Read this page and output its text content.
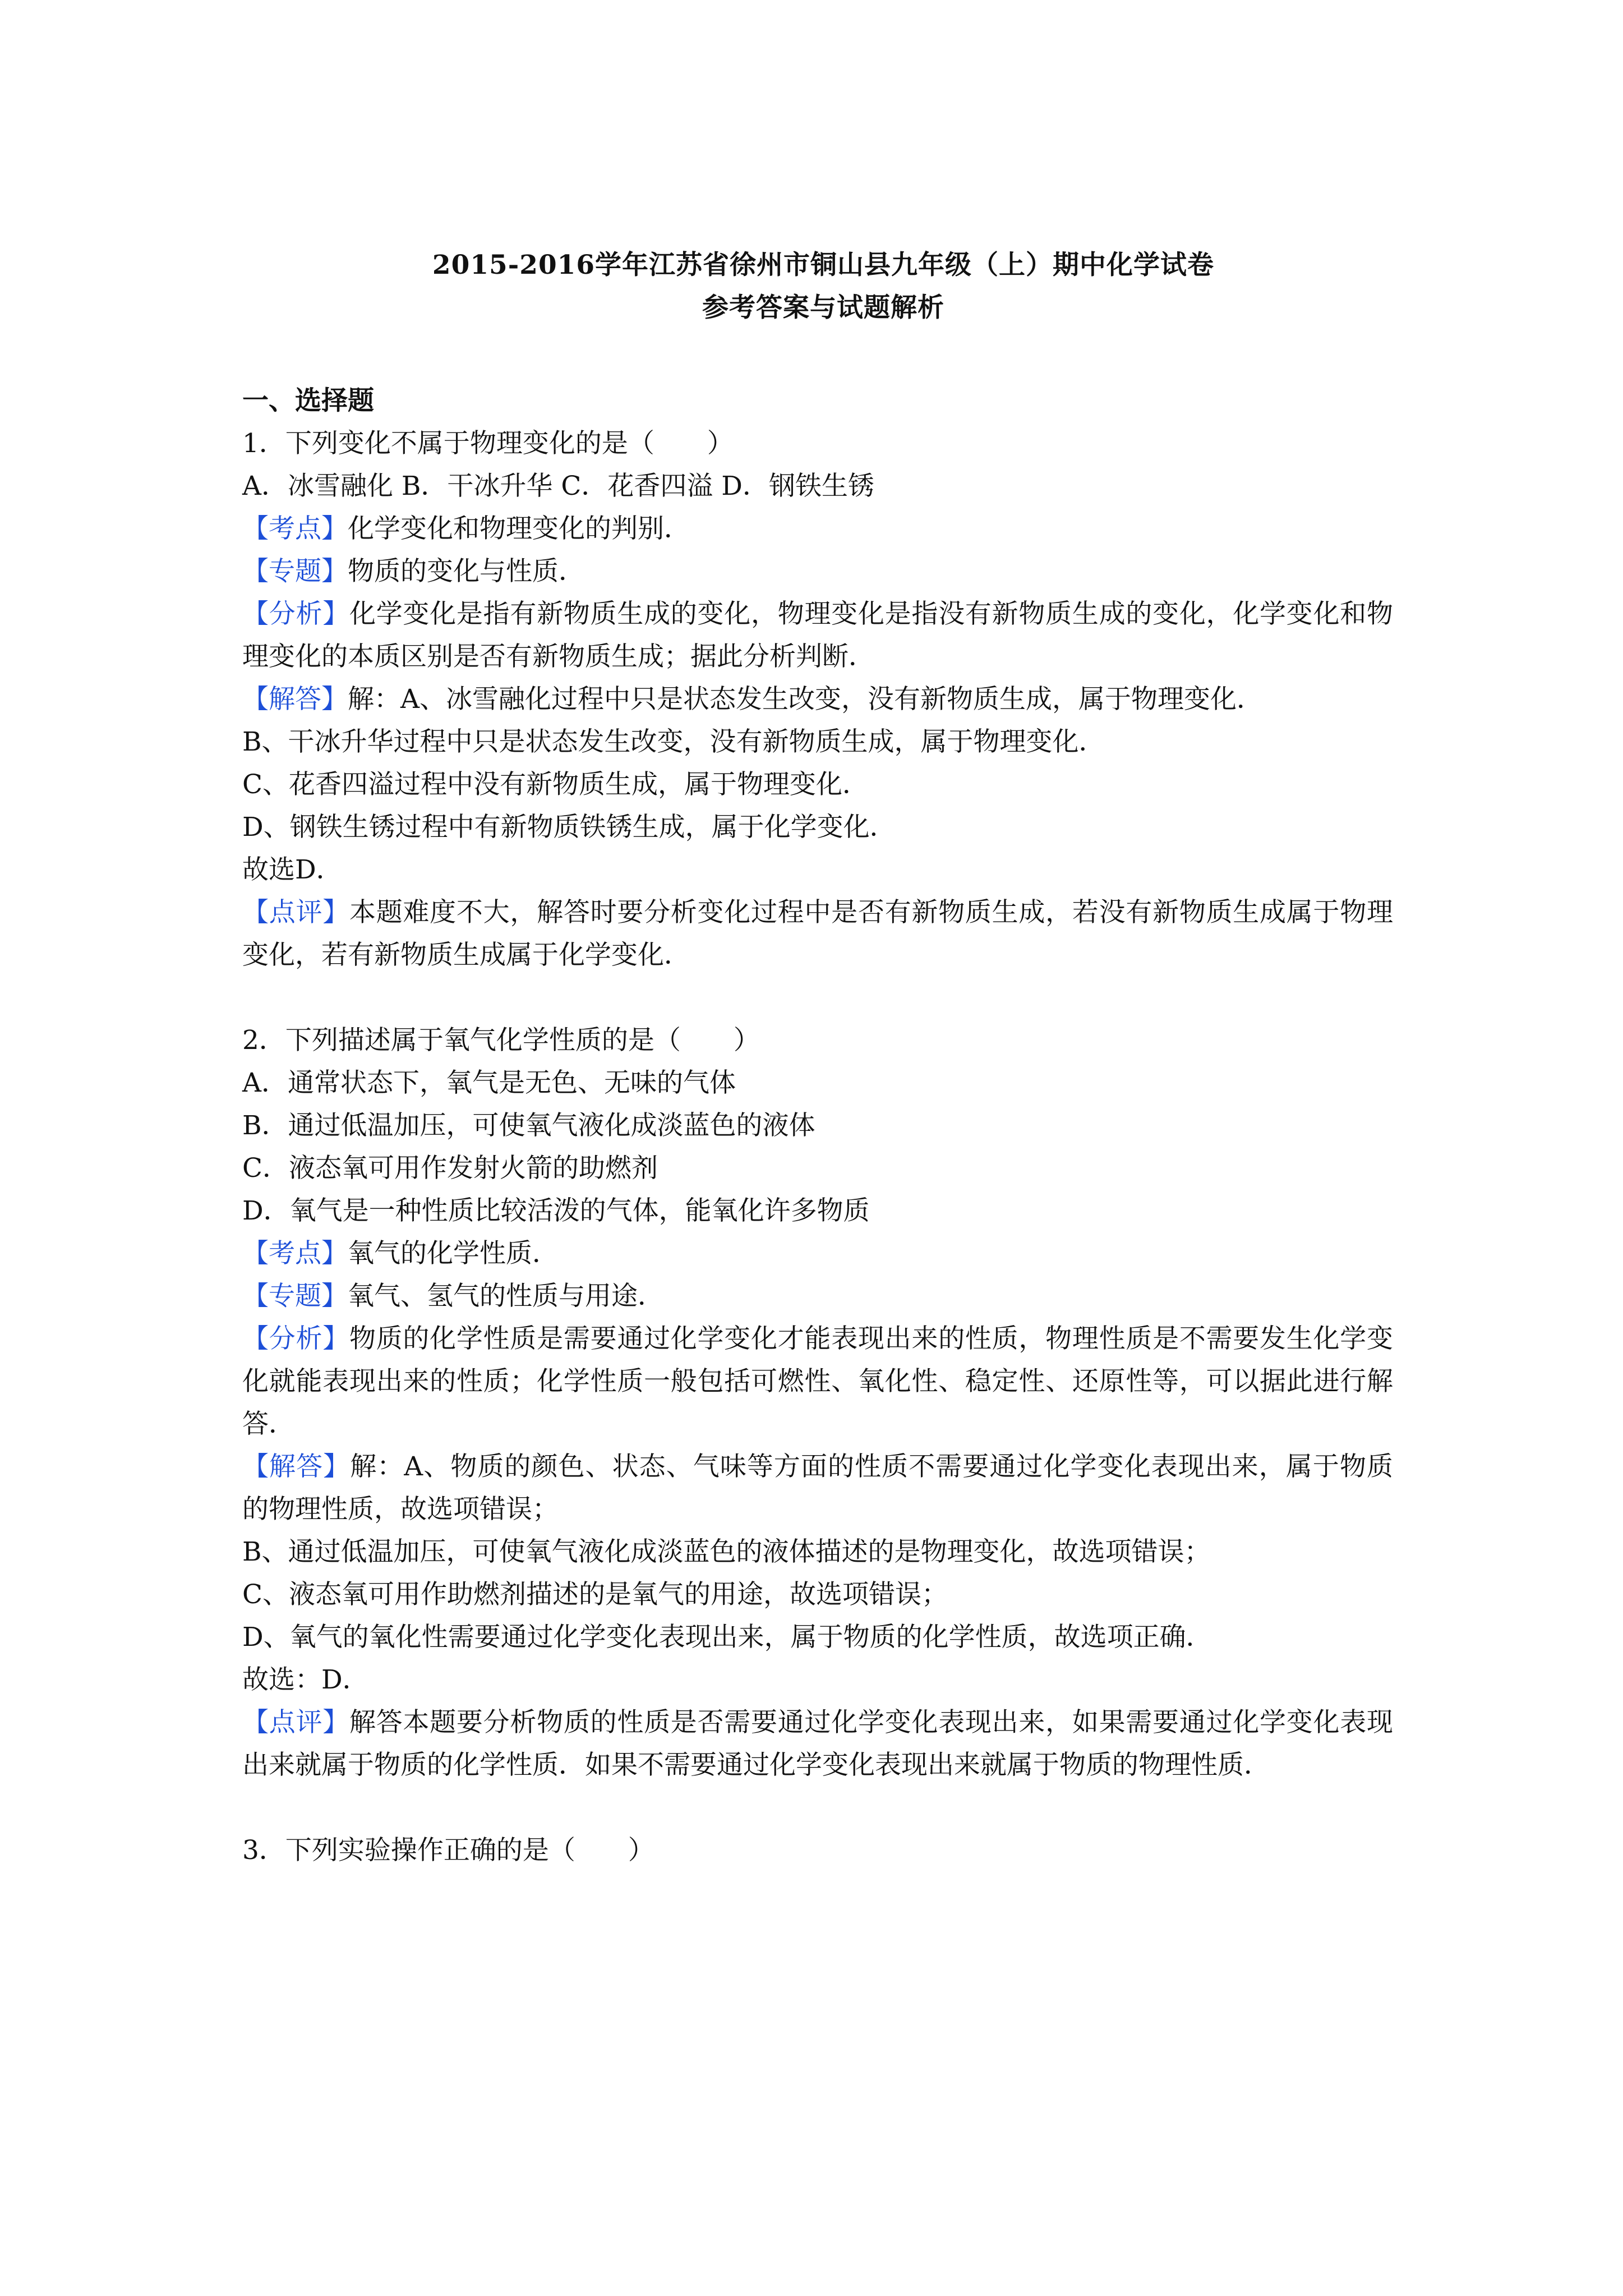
2015-2016学年江苏省徐州市铜山县九年级（上）期中化学试卷
参考答案与试题解析
一、选择题
1．下列变化不属于物理变化的是（　　）
A．冰雪融化 B．干冰升华 C．花香四溢 D．钢铁生锈
【考点】化学变化和物理变化的判别．
【专题】物质的变化与性质．
【分析】化学变化是指有新物质生成的变化，物理变化是指没有新物质生成的变化，化学变化和物理变化的本质区别是否有新物质生成；据此分析判断．
【解答】解：A、冰雪融化过程中只是状态发生改变，没有新物质生成，属于物理变化．
B、干冰升华过程中只是状态发生改变，没有新物质生成，属于物理变化．
C、花香四溢过程中没有新物质生成，属于物理变化．
D、钢铁生锈过程中有新物质铁锈生成，属于化学变化．
故选D．
【点评】本题难度不大，解答时要分析变化过程中是否有新物质生成，若没有新物质生成属于物理变化，若有新物质生成属于化学变化．
2．下列描述属于氧气化学性质的是（　　）
A．通常状态下，氧气是无色、无味的气体
B．通过低温加压，可使氧气液化成淡蓝色的液体
C．液态氧可用作发射火箭的助燃剂
D．氧气是一种性质比较活泼的气体，能氧化许多物质
【考点】氧气的化学性质．
【专题】氧气、氢气的性质与用途．
【分析】物质的化学性质是需要通过化学变化才能表现出来的性质，物理性质是不需要发生化学变化就能表现出来的性质；化学性质一般包括可燃性、氧化性、稳定性、还原性等，可以据此进行解答．
【解答】解：A、物质的颜色、状态、气味等方面的性质不需要通过化学变化表现出来，属于物质的物理性质，故选项错误；
B、通过低温加压，可使氧气液化成淡蓝色的液体描述的是物理变化，故选项错误；
C、液态氧可用作助燃剂描述的是氧气的用途，故选项错误；
D、氧气的氧化性需要通过化学变化表现出来，属于物质的化学性质，故选项正确．
故选：D．
【点评】解答本题要分析物质的性质是否需要通过化学变化表现出来，如果需要通过化学变化表现出来就属于物质的化学性质．如果不需要通过化学变化表现出来就属于物质的物理性质．
3．下列实验操作正确的是（　　）
